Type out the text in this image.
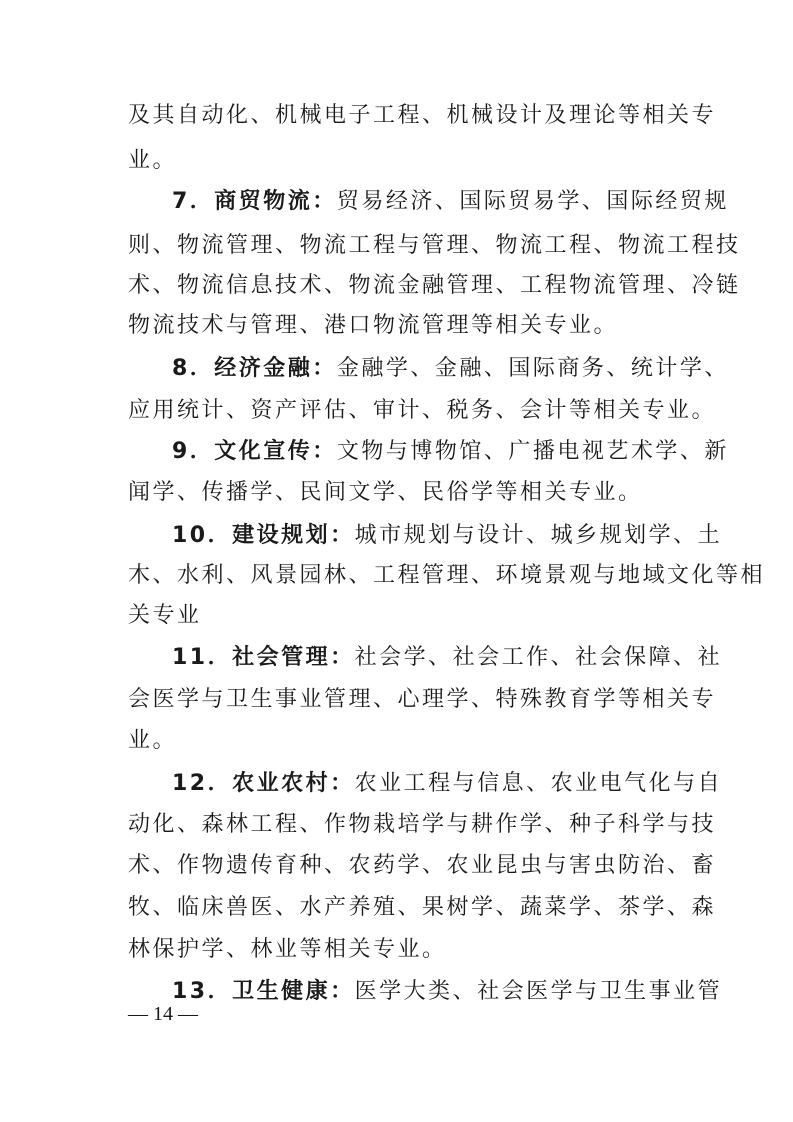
及其自动化、机械电子工程、机械设计及理论等相关专
业。
7．商贸物流：贸易经济、国际贸易学、国际经贸规
则、物流管理、物流工程与管理、物流工程、物流工程技
术、物流信息技术、物流金融管理、工程物流管理、冷链
物流技术与管理、港口物流管理等相关专业。
8．经济金融：金融学、金融、国际商务、统计学、
应用统计、资产评估、审计、税务、会计等相关专业。
9．文化宣传：文物与博物馆、广播电视艺术学、新
闻学、传播学、民间文学、民俗学等相关专业。
10．建设规划：城市规划与设计、城乡规划学、土
木、水利、风景园林、工程管理、环境景观与地域文化等相
关专业
11．社会管理：社会学、社会工作、社会保障、社
会医学与卫生事业管理、心理学、特殊教育学等相关专
业。
12．农业农村：农业工程与信息、农业电气化与自
动化、森林工程、作物栽培学与耕作学、种子科学与技
术、作物遗传育种、农药学、农业昆虫与害虫防治、畜
牧、临床兽医、水产养殖、果树学、蔬菜学、茶学、森
林保护学、林业等相关专业。
13．卫生健康：医学大类、社会医学与卫生事业管
— 14 —
